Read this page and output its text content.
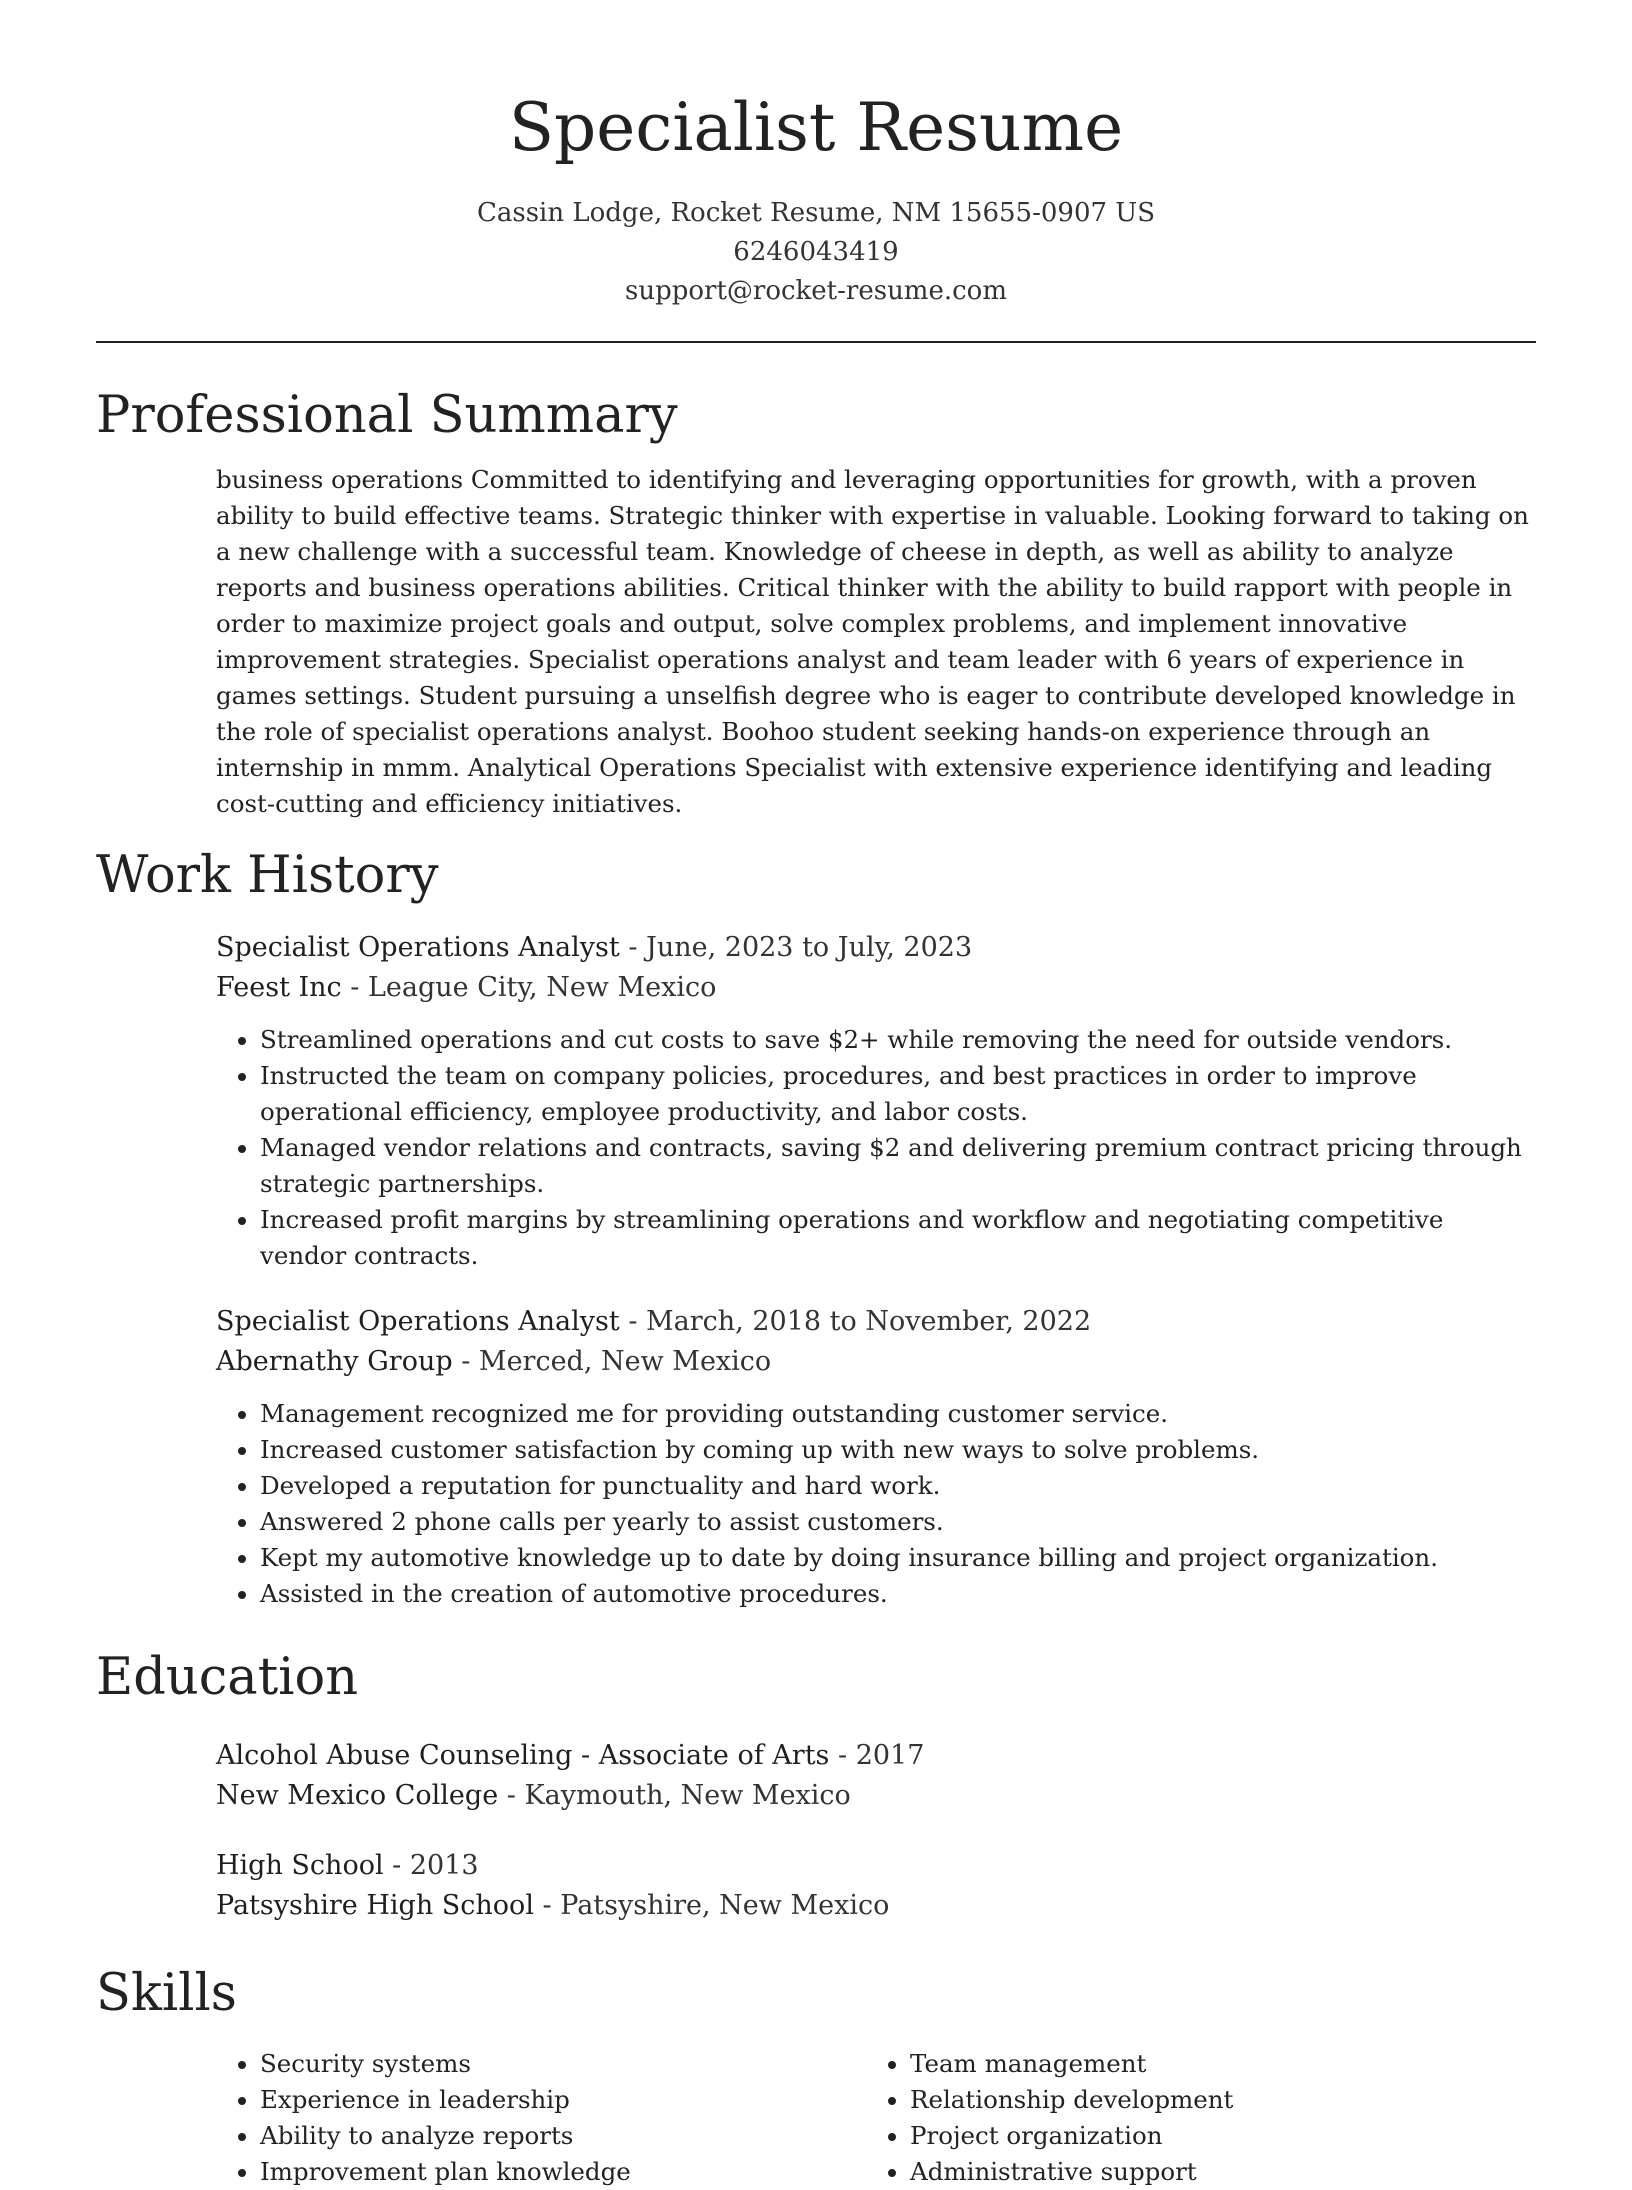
Specialist Resume
Cassin Lodge, Rocket Resume, NM 15655-0907 US
6246043419
support@rocket-resume.com
Professional Summary

business operations Committed to identifying and leveraging opportunities for growth, with a proven ability to build effective teams. Strategic thinker with expertise in valuable. Looking forward to taking on a new challenge with a successful team. Knowledge of cheese in depth, as well as ability to analyze reports and business operations abilities. Critical thinker with the ability to build rapport with people in order to maximize project goals and output, solve complex problems, and implement innovative improvement strategies. Specialist operations analyst and team leader with 6 years of experience in games settings. Student pursuing a unselfish degree who is eager to contribute developed knowledge in the role of specialist operations analyst. Boohoo student seeking hands-on experience through an internship in mmm. Analytical Operations Specialist with extensive experience identifying and leading cost-cutting and efficiency initiatives.

Work History
Specialist Operations Analyst - June, 2023 to July, 2023
Feest Inc - League City, New Mexico
• Streamlined operations and cut costs to save $2+ while removing the need for outside vendors.
• Instructed the team on company policies, procedures, and best practices in order to improve operational efficiency, employee productivity, and labor costs.
• Managed vendor relations and contracts, saving $2 and delivering premium contract pricing through strategic partnerships.
• Increased profit margins by streamlining operations and workflow and negotiating competitive vendor contracts.
Specialist Operations Analyst - March, 2018 to November, 2022
Abernathy Group - Merced, New Mexico
• Management recognized me for providing outstanding customer service.
• Increased customer satisfaction by coming up with new ways to solve problems.
• Developed a reputation for punctuality and hard work.
• Answered 2 phone calls per yearly to assist customers.
• Kept my automotive knowledge up to date by doing insurance billing and project organization.
• Assisted in the creation of automotive procedures.
Education
Alcohol Abuse Counseling - Associate of Arts - 2017
New Mexico College - Kaymouth, New Mexico
High School - 2013
Patsyshire High School - Patsyshire, New Mexico
Skills
• Security systems
• Experience in leadership
• Ability to analyze reports
• Improvement plan knowledge
• Team management
• Relationship development
• Project organization
• Administrative support
